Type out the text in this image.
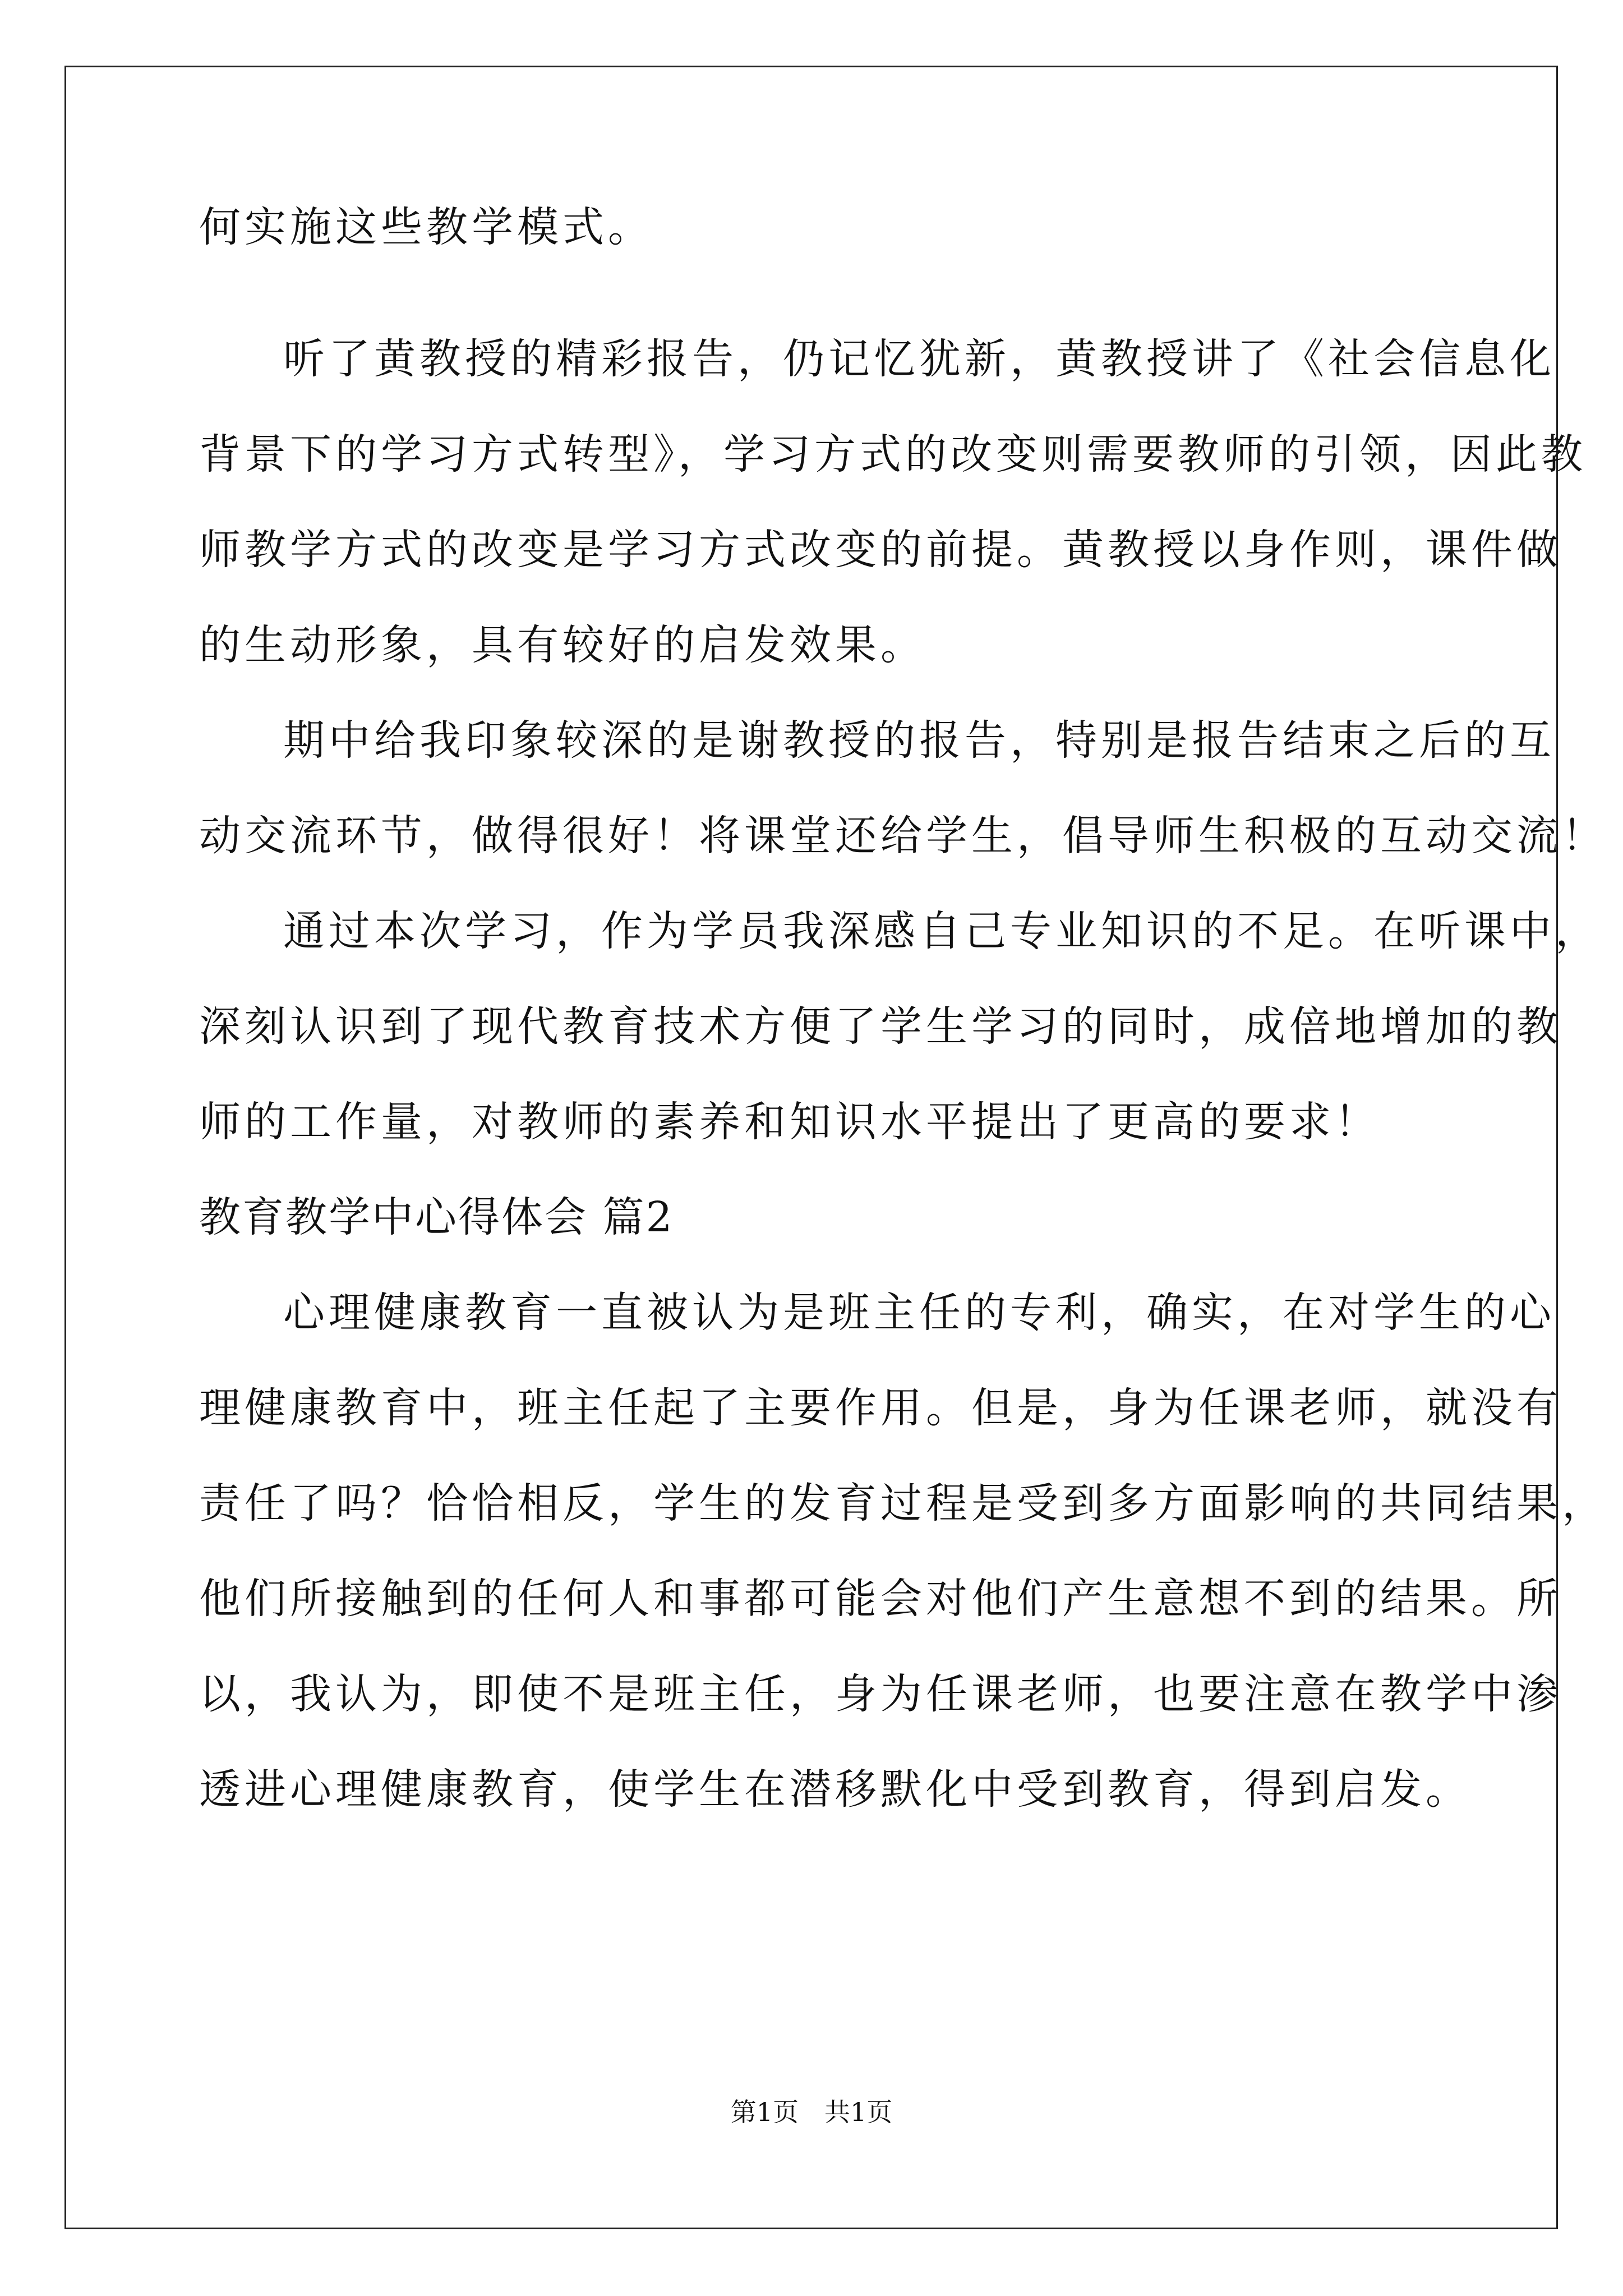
何实施这些教学模式。
听了黄教授的精彩报告，仍记忆犹新，黄教授讲了《社会信息化
背景下的学习方式转型》，学习方式的改变则需要教师的引领，因此教
师教学方式的改变是学习方式改变的前提。黄教授以身作则，课件做
的生动形象，具有较好的启发效果。
期中给我印象较深的是谢教授的报告，特别是报告结束之后的互
动交流环节，做得很好！将课堂还给学生，倡导师生积极的互动交流！
通过本次学习，作为学员我深感自己专业知识的不足。在听课中，
深刻认识到了现代教育技术方便了学生学习的同时，成倍地增加的教
师的工作量，对教师的素养和知识水平提出了更高的要求！
教育教学中心得体会 篇2
心理健康教育一直被认为是班主任的专利，确实，在对学生的心
理健康教育中，班主任起了主要作用。但是，身为任课老师，就没有
责任了吗？恰恰相反，学生的发育过程是受到多方面影响的共同结果，
他们所接触到的任何人和事都可能会对他们产生意想不到的结果。所
以，我认为，即使不是班主任，身为任课老师，也要注意在教学中渗
透进心理健康教育，使学生在潜移默化中受到教育，得到启发。
第1页　共1页
